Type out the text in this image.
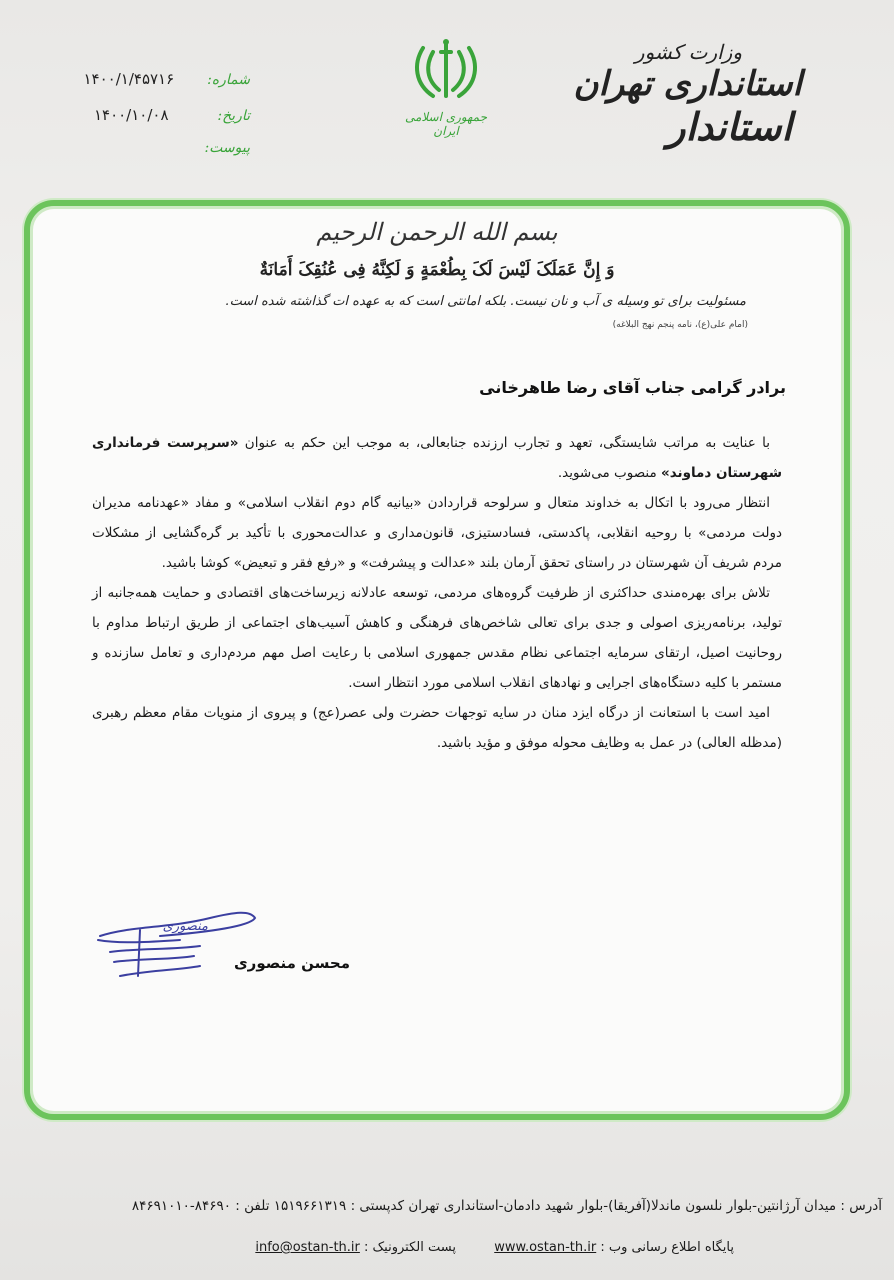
وزارت کشور
استانداری تهران
استاندار
جمهوری اسلامی ایران
شماره:  ۱۴۰۰/۱/۴۵۷۱۶
تاریخ:  ۱۴۰۰/۱۰/۰۸
پیوست:
بسم الله الرحمن الرحیم
وَ إِنَّ عَمَلَکَ لَیْسَ لَکَ بِطُعْمَةٍ وَ لَکِنَّهُ فِی عُنُقِکَ أَمَانَةٌ
مسئولیت برای تو وسیله ی آب و نان نیست. بلکه امانتی است که به عهده ات گذاشته شده است.
(امام علی(ع)، نامه پنجم نهج البلاغه)
برادر گرامی جناب آقای رضا طاهرخانی

با عنایت به مراتب شایستگی، تعهد و تجارب ارزنده جنابعالی، به موجب این حکم به عنوان «سرپرست فرمانداری شهرستان دماوند» منصوب می‌شوید.

انتظار می‌رود با اتکال به خداوند متعال و سرلوحه قراردادن «بیانیه گام دوم انقلاب اسلامی» و مفاد «عهدنامه مدیران دولت مردمی» با روحیه انقلابی، پاکدستی، فسادستیزی، قانون‌مداری و عدالت‌محوری با تأکید بر گره‌گشایی از مشکلات مردم شریف آن شهرستان در راستای تحقق آرمان بلند «عدالت و پیشرفت» و «رفع فقر و تبعیض» کوشا باشید.

تلاش برای بهره‌مندی حداکثری از ظرفیت گروه‌های مردمی، توسعه عادلانه زیرساخت‌های اقتصادی و حمایت همه‌جانبه از تولید، برنامه‌ریزی اصولی و جدی برای تعالی شاخص‌های فرهنگی و کاهش آسیب‌های اجتماعی از طریق ارتباط مداوم با روحانیت اصیل، ارتقای سرمایه اجتماعی نظام مقدس جمهوری اسلامی با رعایت اصل مهم مردم‌داری و تعامل سازنده و مستمر با کلیه دستگاه‌های اجرایی و نهادهای انقلاب اسلامی مورد انتظار است.

امید است با استعانت از درگاه ایزد منان در سایه توجهات حضرت ولی عصر(عج) و پیروی از منویات مقام معظم رهبری (مدظله العالی) در عمل به وظایف محوله موفق و مؤید باشید.

منصوری
محسن منصوری
آدرس : میدان آرژانتین-بلوار نلسون ماندلا(آفریقا)-بلوار شهید دادمان-استانداری تهران کدپستی : ۱۵۱۹۶۶۱۳۱۹ تلفن : ۸۴۶۹۰-۸۴۶۹۱۰۱۰
پایگاه اطلاع رسانی وب : www.ostan-th.ir  پست الکترونیک : info@ostan-th.ir
